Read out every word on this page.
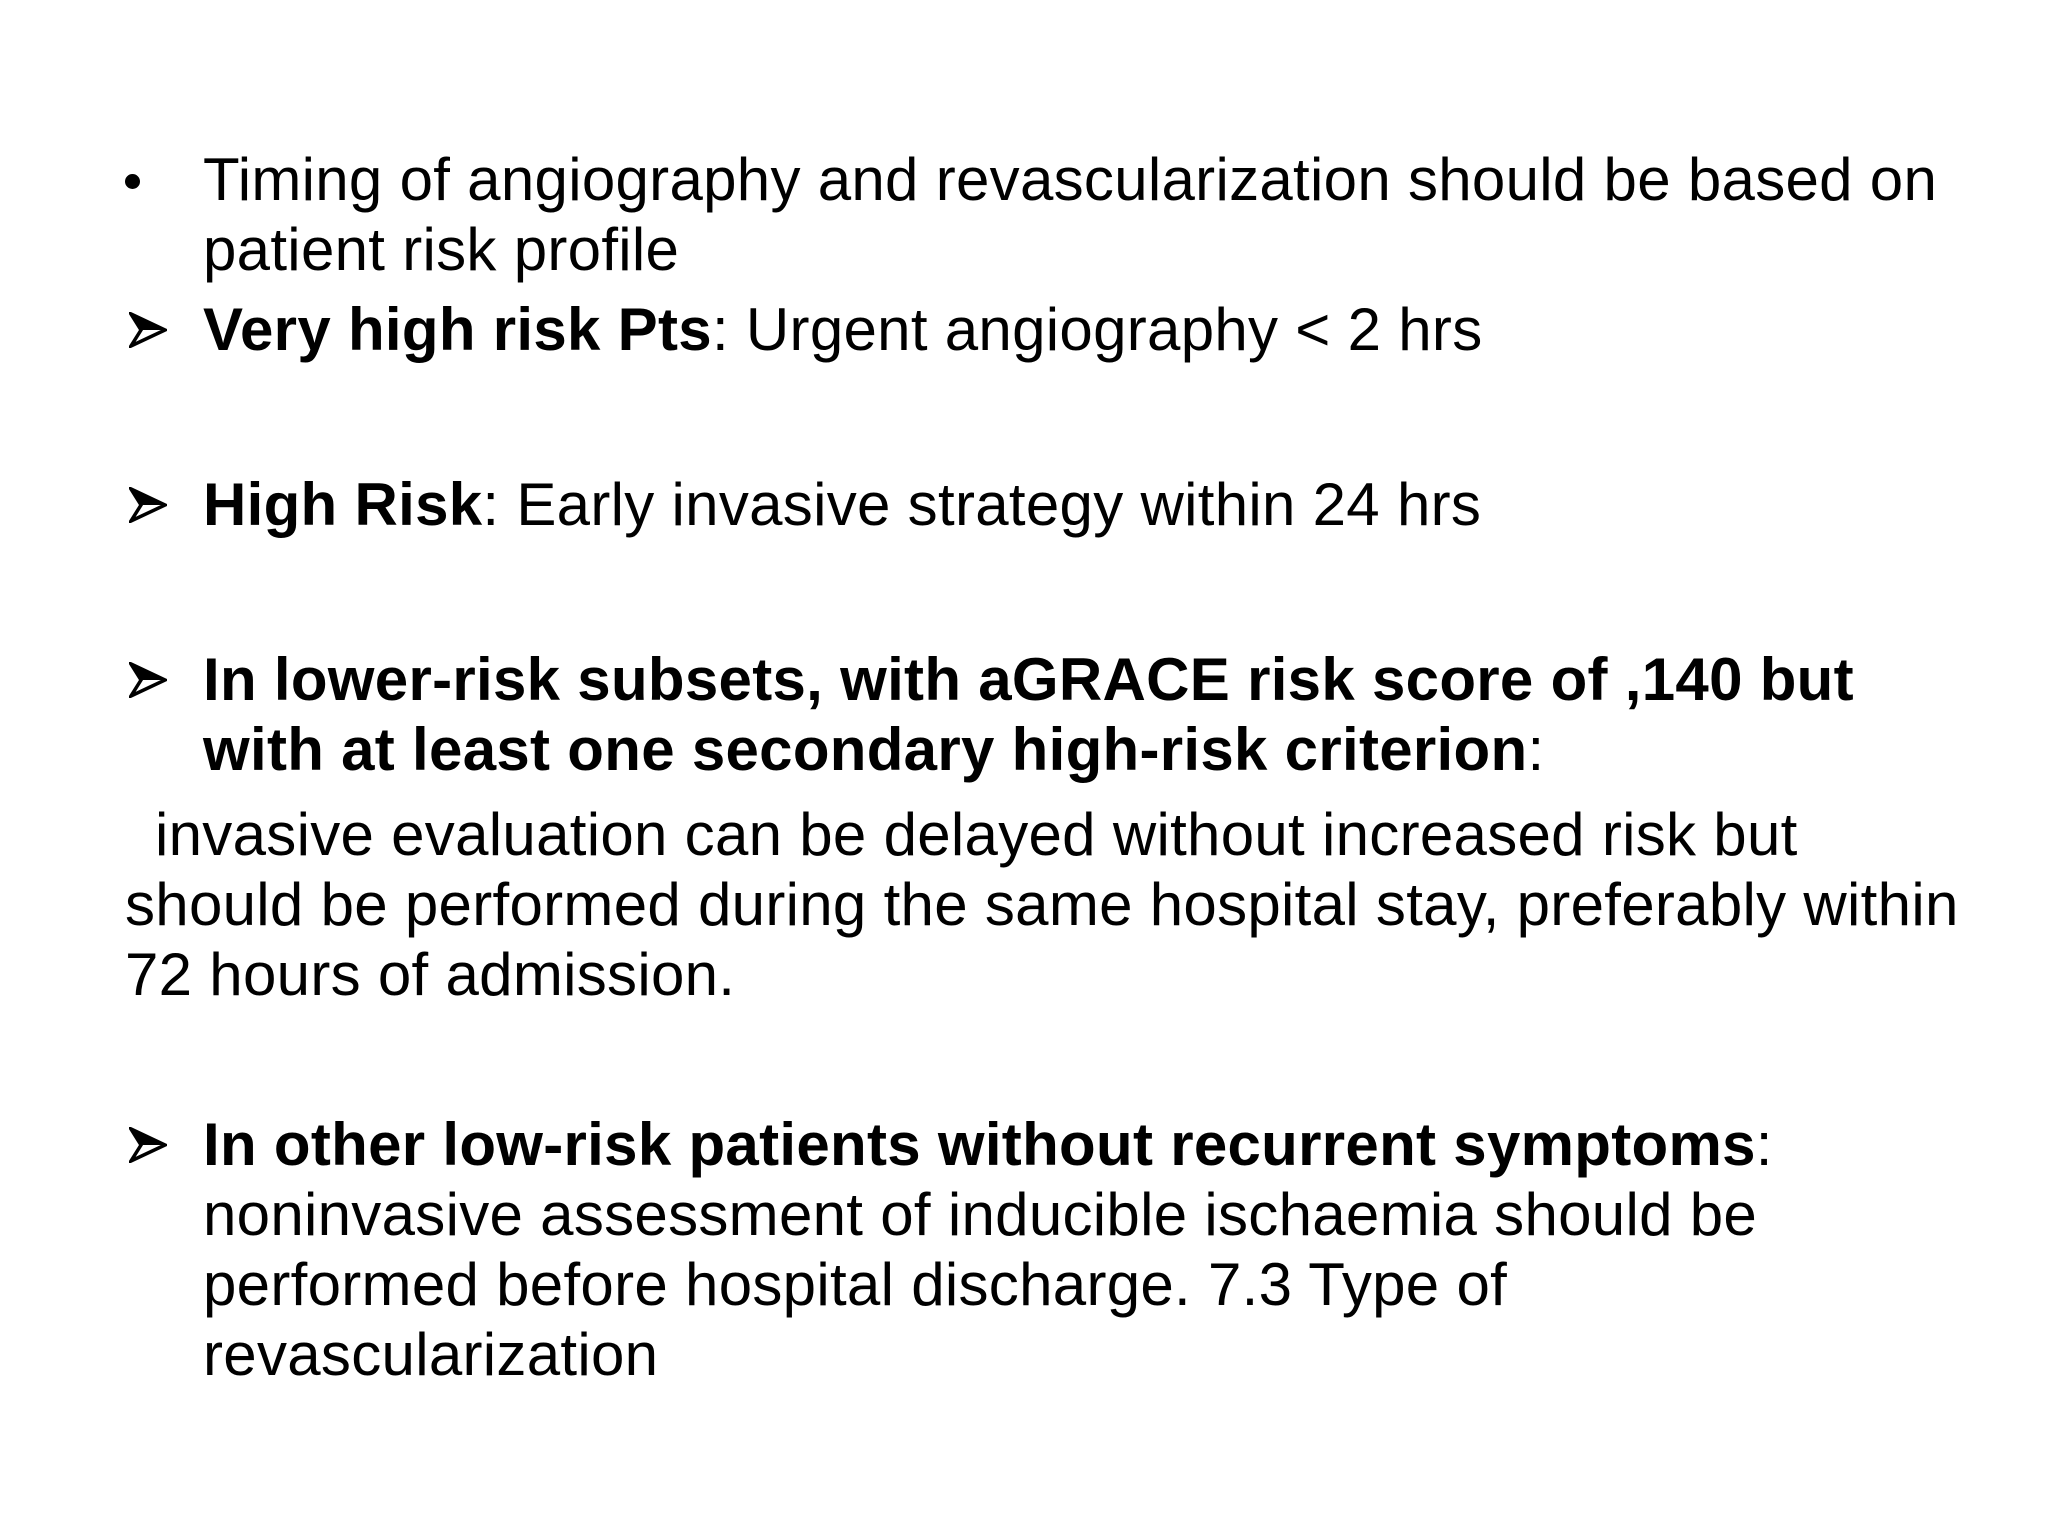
Timing of angiography and revascularization should be based on patient risk profile
Very high risk Pts: Urgent angiography < 2 hrs
High Risk: Early invasive strategy within 24 hrs
In lower-risk subsets, with aGRACE risk score of ,140 but with at least one secondary high-risk criterion:
invasive evaluation can be delayed without increased risk but should be performed during the same hospital stay, preferably within 72 hours of admission.
In other low-risk patients without recurrent symptoms: noninvasive assessment of inducible ischaemia should be performed before hospital discharge. 7.3 Type of revascularization
